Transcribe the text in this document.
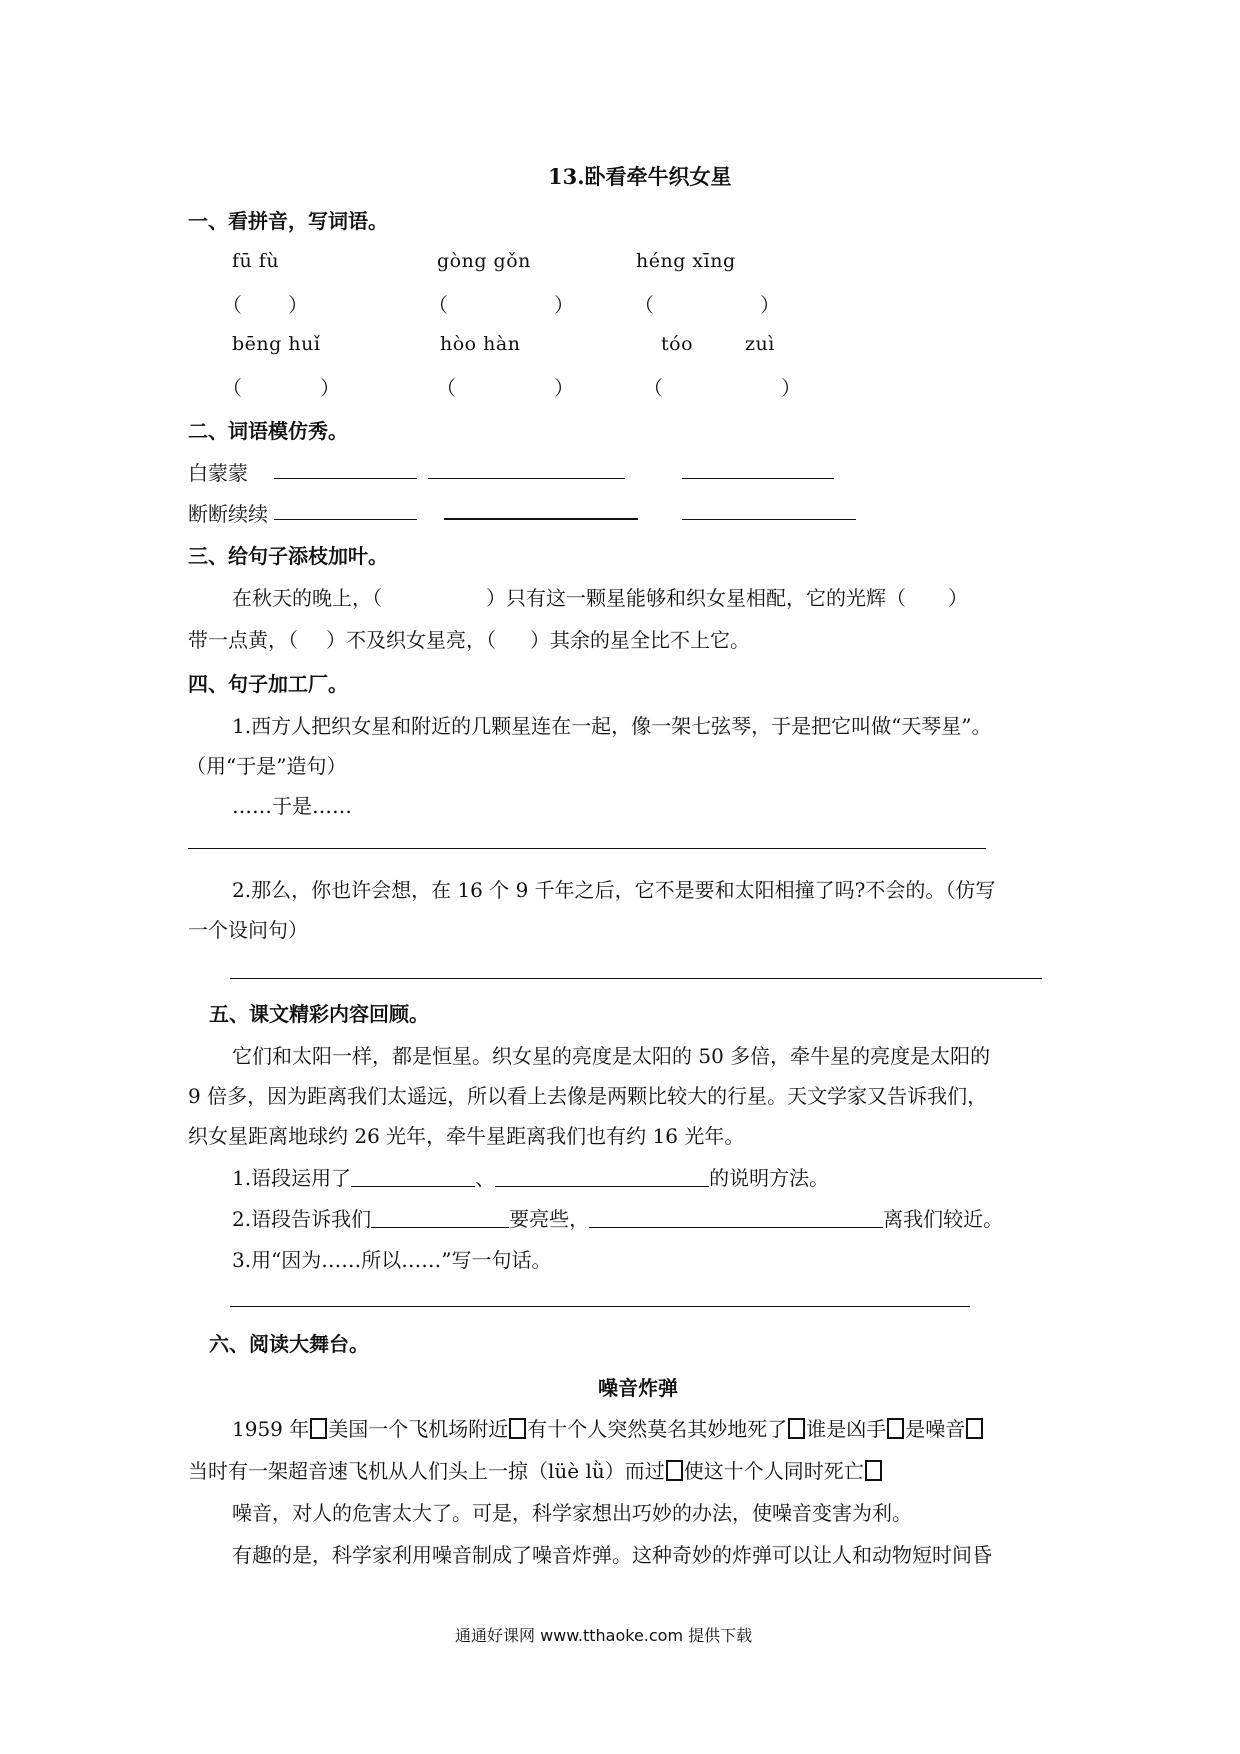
13.卧看牵牛织女星
一、看拼音，写词语。
fū fù	gòng gǒn	héng xīng
（ ）	（	）	（	）
bēng huǐ	hòo hàn	tóo	zuì
（	）	（	）	（	）
二、词语模仿秀。
白蒙蒙
断断续续
三、给句子添枝加叶。
在秋天的晚上，（	）只有这一颗星能够和织女星相配，它的光辉（ ）
带一点黄，（ ）不及织女星亮，（ ）其余的星全比不上它。
四、句子加工厂。
1.西方人把织女星和附近的几颗星连在一起，像一架七弦琴，于是把它叫做“天琴星”。
（用“于是”造句）
……于是……
2.那么，你也许会想，在 16 个 9 千年之后，它不是要和太阳相撞了吗?不会的。（仿写
一个设问句）
五、课文精彩内容回顾。
它们和太阳一样，都是恒星。织女星的亮度是太阳的 50 多倍，牵牛星的亮度是太阳的
9 倍多，因为距离我们太遥远，所以看上去像是两颗比较大的行星。天文学家又告诉我们，
织女星距离地球约 26 光年，牵牛星距离我们也有约 16 光年。
1.语段运用了	、	的说明方法。
2.语段告诉我们	要亮些，	离我们较近。
3.用“因为……所以……”写一句话。
六、阅读大舞台。
噪音炸弹
1959 年 美国一个飞机场附近 有十个人突然莫名其妙地死了 谁是凶手 是噪音
当时有一架超音速飞机从人们头上一掠（lüè lǜ）而过 使这十个人同时死亡
噪音，对人的危害太大了。可是，科学家想出巧妙的办法，使噪音变害为利。
有趣的是，科学家利用噪音制成了噪音炸弹。这种奇妙的炸弹可以让人和动物短时间昏
通通好课网 www.tthaoke.com 提供下载
